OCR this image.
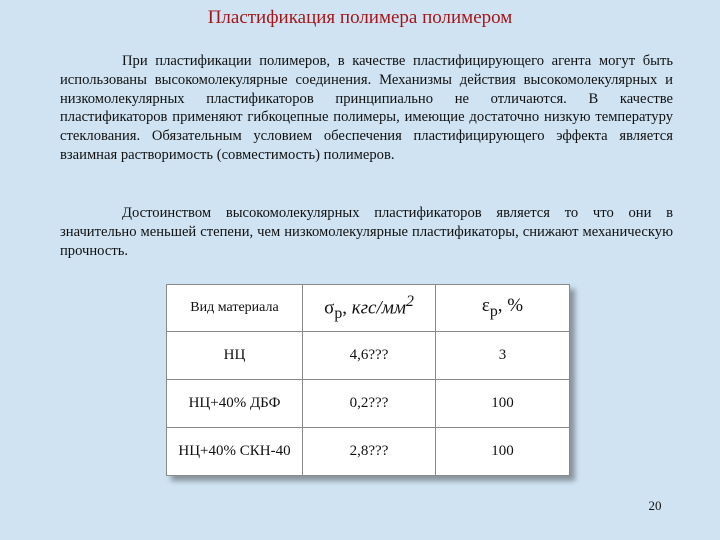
Пластификация полимера полимером

При пластификации полимеров, в качестве пластифицирующего агента могут быть использованы высокомолекулярные соединения. Механизмы действия высокомолекулярных и низкомолекулярных пластификаторов принципиально не отличаются. В качестве пластификаторов применяют гибкоцепные полимеры, имеющие достаточно низкую температуру стеклования. Обязательным условием обеспечения пластифицирующего эффекта является взаимная растворимость (совместимость) полимеров.

Достоинством высокомолекулярных пластификаторов является то что они в значительно меньшей степени, чем низкомолекулярные пластификаторы, снижают механическую прочность.

Вид материала	$\sigma_р$, кгс/$мм^2$	$\varepsilon_р$, %
НЦ	4,6???	3
НЦ+40% ДБФ	0,2???	100
НЦ+40% СКН-40	2,8???	100
20
